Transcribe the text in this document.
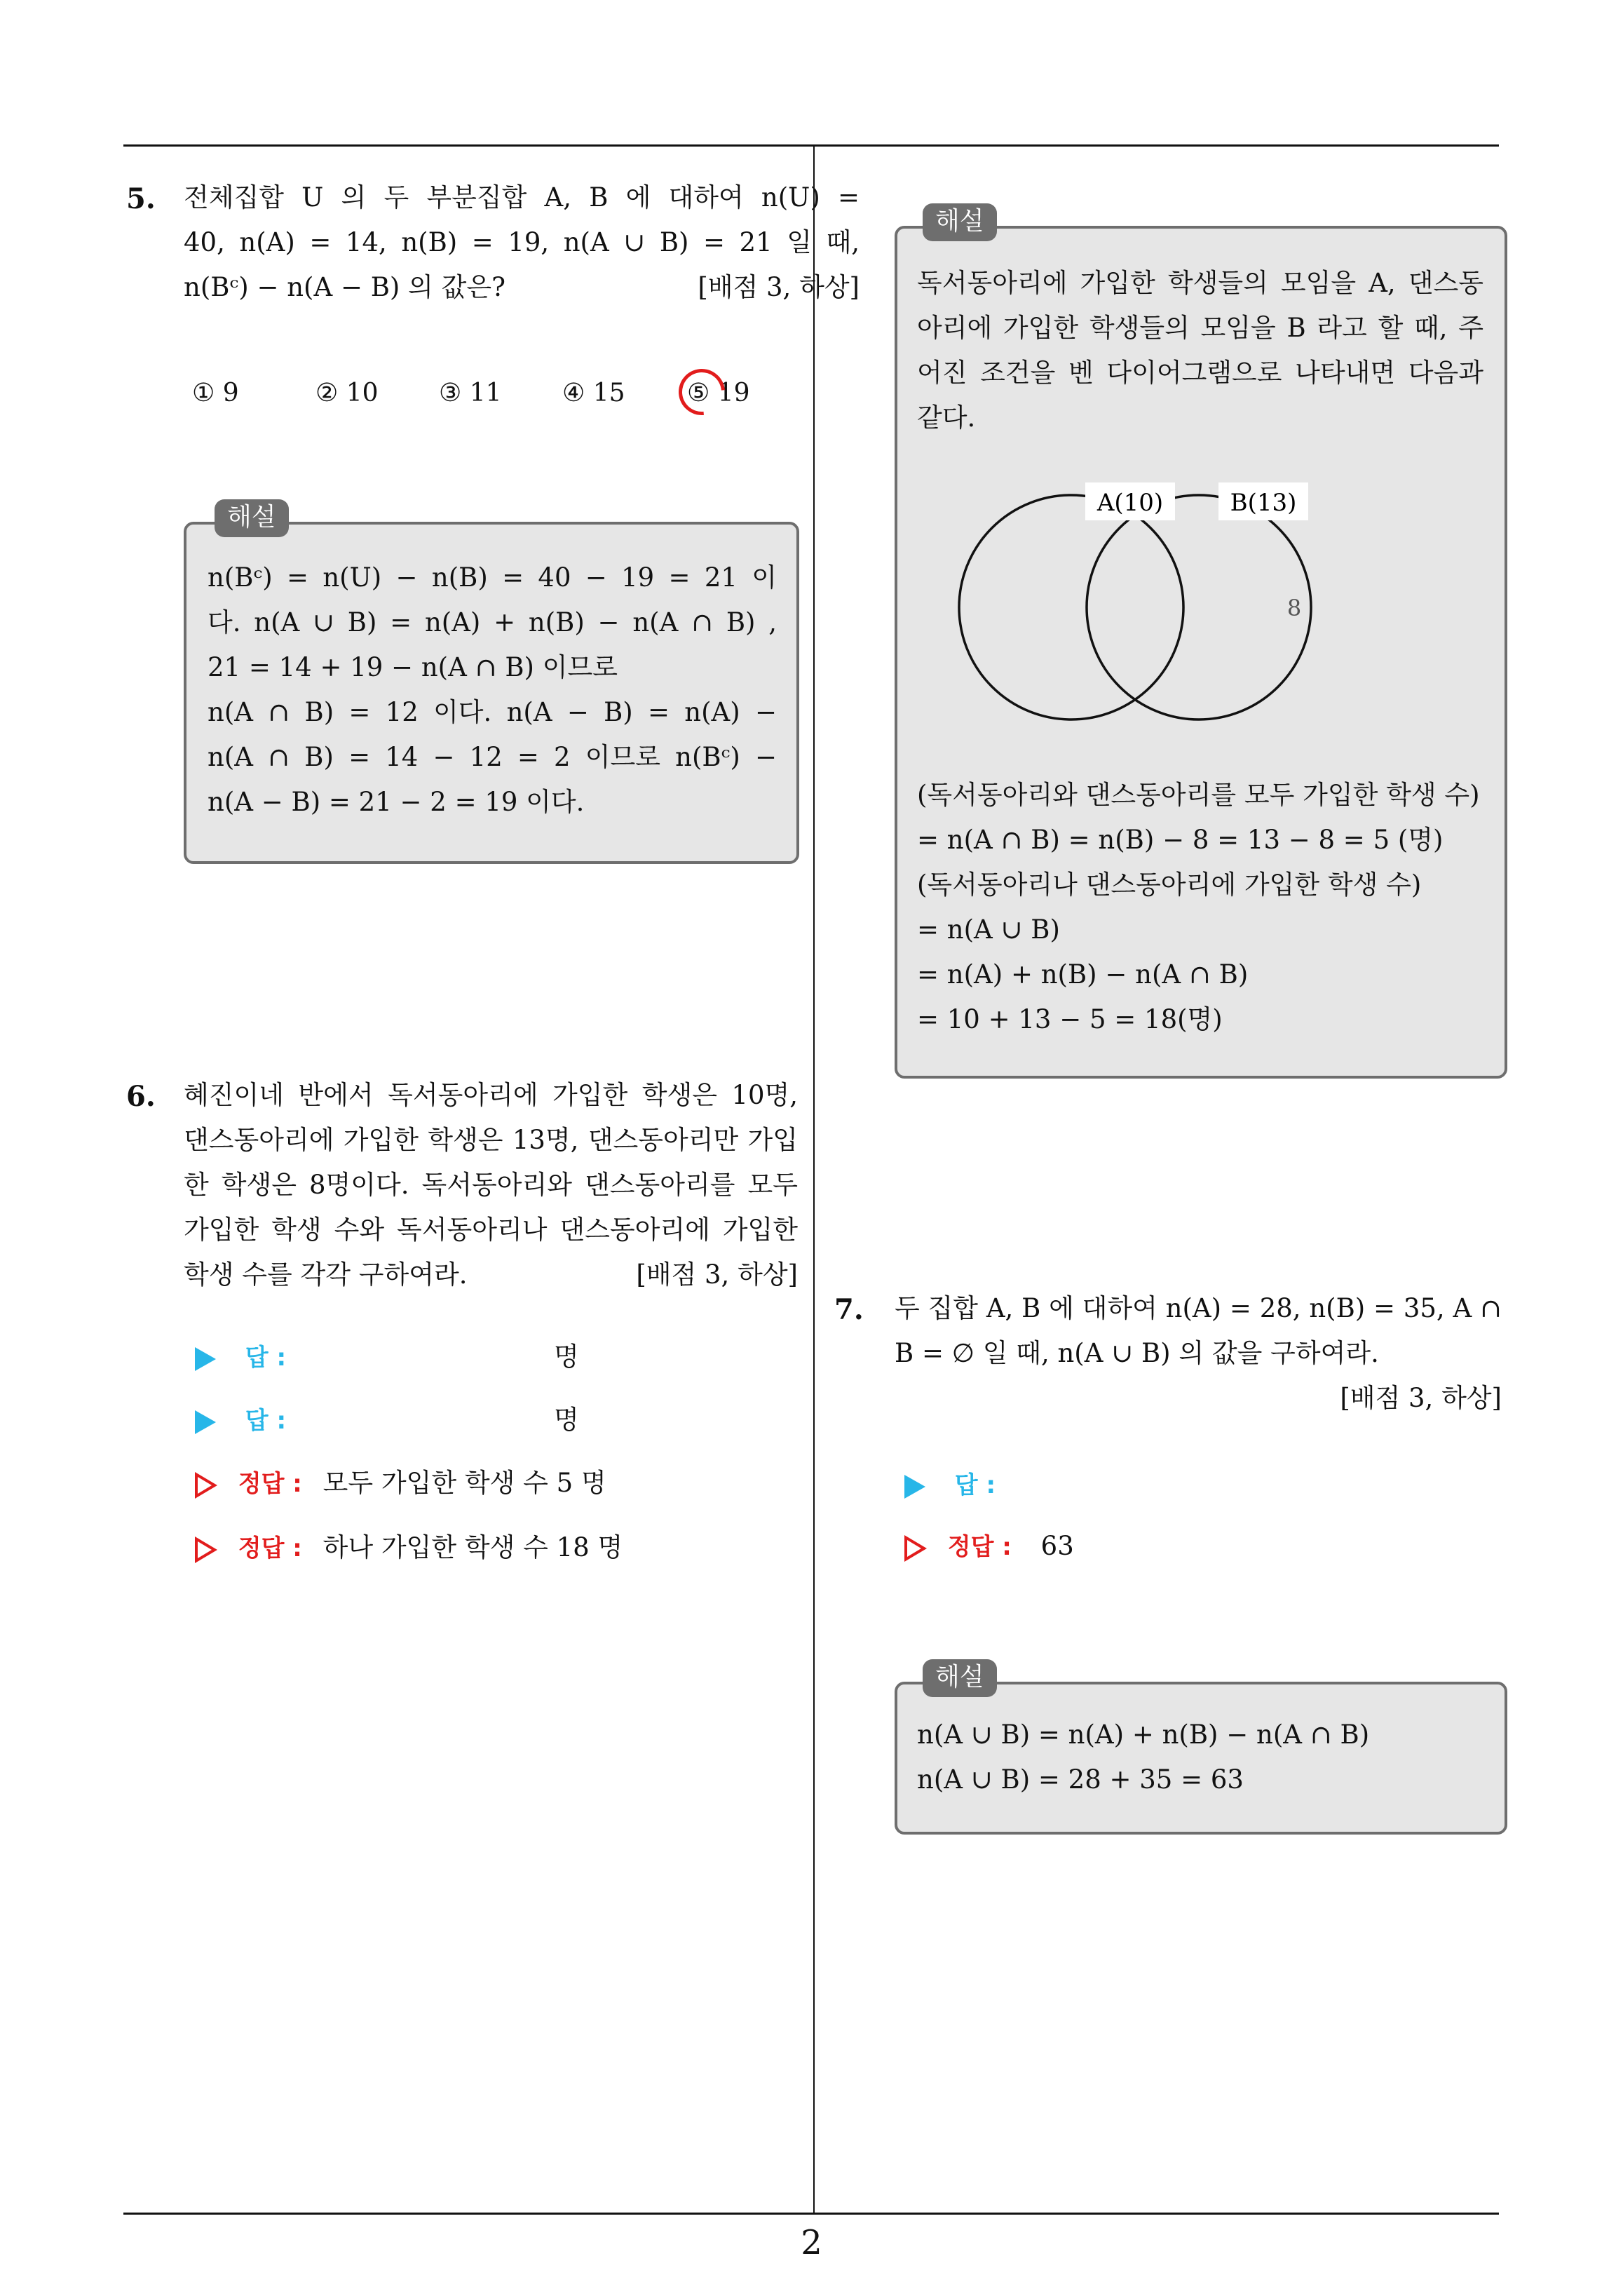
5. 전체집합 U 의 두 부분집합 A, B 에 대하여 n(U) =
40, n(A) = 14, n(B) = 19, n(A ∪ B) = 21 일 때,
n(Bᶜ) − n(A − B) 의 값은?	[배점 3, 하상]
① 9	② 10 ③ 11 ④ 15 ⑤ 19
해설
n(Bᶜ) = n(U) − n(B) = 40 − 19 = 21 이
다. n(A ∪ B) = n(A) + n(B) − n(A ∩ B) ,
21 = 14 + 19 − n(A ∩ B) 이므로
n(A ∩ B) = 12 이다. n(A − B) = n(A) −
n(A ∩ B) = 14 − 12 = 2 이므로 n(Bᶜ) −
n(A − B) = 21 − 2 = 19 이다.
6. 혜진이네 반에서 독서동아리에 가입한 학생은 10명,
댄스동아리에 가입한 학생은 13명, 댄스동아리만 가입
한 학생은 8명이다. 독서동아리와 댄스동아리를 모두
가입한 학생 수와 독서동아리나 댄스동아리에 가입한
학생 수를 각각 구하여라.	[배점 3, 하상]
답 :	명
답 :	명
정답 : 모두 가입한 학생 수 5 명
정답 : 하나 가입한 학생 수 18 명
해설
독서동아리에 가입한 학생들의 모임을 A, 댄스동
아리에 가입한 학생들의 모임을 B 라고 할 때, 주
어진 조건을 벤 다이어그램으로 나타내면 다음과
같다.
A(10)	B(13)
8
(독서동아리와 댄스동아리를 모두 가입한 학생 수)
= n(A ∩ B) = n(B) − 8 = 13 − 8 = 5 (명)
(독서동아리나 댄스동아리에 가입한 학생 수)
= n(A ∪ B)
= n(A) + n(B) − n(A ∩ B)
= 10 + 13 − 5 = 18(명)
7. 두 집합 A, B 에 대하여 n(A) = 28, n(B) = 35, A ∩
B = ∅ 일 때, n(A ∪ B) 의 값을 구하여라.
[배점 3, 하상]
답 :
정답 : 63
해설
n(A ∪ B) = n(A) + n(B) − n(A ∩ B)
n(A ∪ B) = 28 + 35 = 63
2
